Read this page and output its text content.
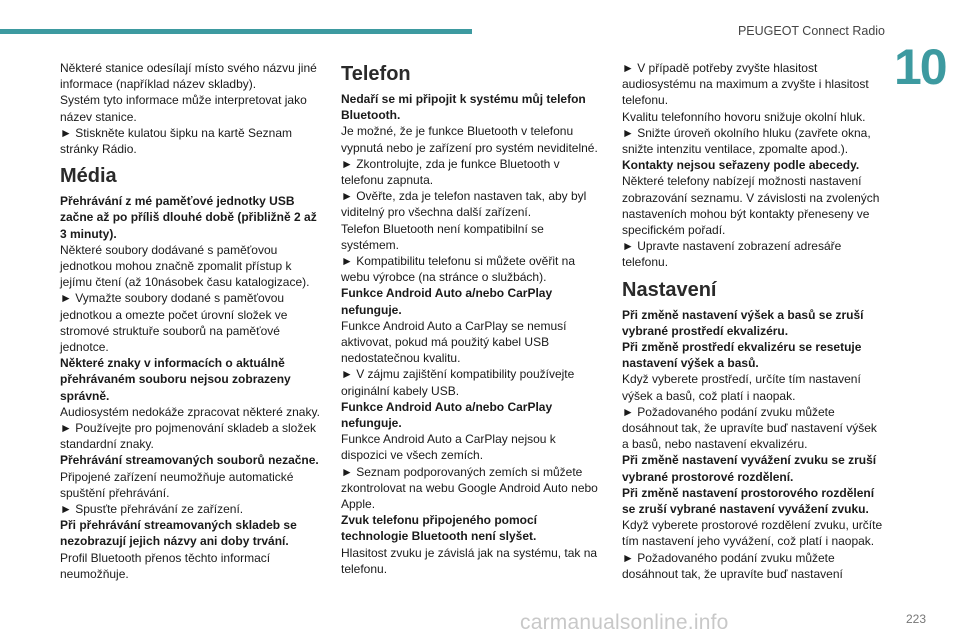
PEUGEOT Connect Radio
10

Některé stanice odesílají místo svého názvu jiné informace (například název skladby).

Systém tyto informace může interpretovat jako název stanice.

► Stiskněte kulatou šipku na kartě Seznam stránky Rádio.

Média

Přehrávání z mé paměťové jednotky USB začne až po příliš dlouhé době (přibližně 2 až 3 minuty).

Některé soubory dodávané s paměťovou jednotkou mohou značně zpomalit přístup k jejímu čtení (až 10násobek času katalogizace).

► Vymažte soubory dodané s paměťovou jednotkou a omezte počet úrovní složek ve stromové struktuře souborů na paměťové jednotce.

Některé znaky v informacích o aktuálně přehrávaném souboru nejsou zobrazeny správně.

Audiosystém nedokáže zpracovat některé znaky.

► Používejte pro pojmenování skladeb a složek standardní znaky.

Přehrávání streamovaných souborů nezačne.

Připojené zařízení neumožňuje automatické spuštění přehrávání.

► Spusťte přehrávání ze zařízení.

Při přehrávání streamovaných skladeb se nezobrazují jejich názvy ani doby trvání.

Profil Bluetooth přenos těchto informací neumožňuje.

Telefon

Nedaří se mi připojit k systému můj telefon Bluetooth.

Je možné, že je funkce Bluetooth v telefonu vypnutá nebo je zařízení pro systém neviditelné.

► Zkontrolujte, zda je funkce Bluetooth v telefonu zapnuta.

► Ověřte, zda je telefon nastaven tak, aby byl viditelný pro všechna další zařízení.

Telefon Bluetooth není kompatibilní se systémem.

► Kompatibilitu telefonu si můžete ověřit na webu výrobce (na stránce o službách).

Funkce Android Auto a/nebo CarPlay nefunguje.

Funkce Android Auto a CarPlay se nemusí aktivovat, pokud má použitý kabel USB nedostatečnou kvalitu.

► V zájmu zajištění kompatibility používejte originální kabely USB.

Funkce Android Auto a/nebo CarPlay nefunguje.

Funkce Android Auto a CarPlay nejsou k dispozici ve všech zemích.

► Seznam podporovaných zemích si můžete zkontrolovat na webu Google Android Auto nebo Apple.

Zvuk telefonu připojeného pomocí technologie Bluetooth není slyšet.

Hlasitost zvuku je závislá jak na systému, tak na telefonu.

► V případě potřeby zvyšte hlasitost audiosystému na maximum a zvyšte i hlasitost telefonu.

Kvalitu telefonního hovoru snižuje okolní hluk.

► Snižte úroveň okolního hluku (zavřete okna, snižte intenzitu ventilace, zpomalte apod.).

Kontakty nejsou seřazeny podle abecedy.

Některé telefony nabízejí možnosti nastavení zobrazování seznamu. V závislosti na zvolených nastaveních mohou být kontakty přeneseny ve specifickém pořadí.

► Upravte nastavení zobrazení adresáře telefonu.

Nastavení

Při změně nastavení výšek a basů se zruší vybrané prostředí ekvalizéru.

Při změně prostředí ekvalizéru se resetuje nastavení výšek a basů.

Když vyberete prostředí, určíte tím nastavení výšek a basů, což platí i naopak.

► Požadovaného podání zvuku můžete dosáhnout tak, že upravíte buď nastavení výšek a basů, nebo nastavení ekvalizéru.

Při změně nastavení vyvážení zvuku se zruší vybrané prostorové rozdělení.

Při změně nastavení prostorového rozdělení se zruší vybrané nastavení vyvážení zvuku.

Když vyberete prostorové rozdělení zvuku, určíte tím nastavení jeho vyvážení, což platí i naopak.

► Požadovaného podání zvuku můžete dosáhnout tak, že upravíte buď nastavení

carmanualsonline.info	223
